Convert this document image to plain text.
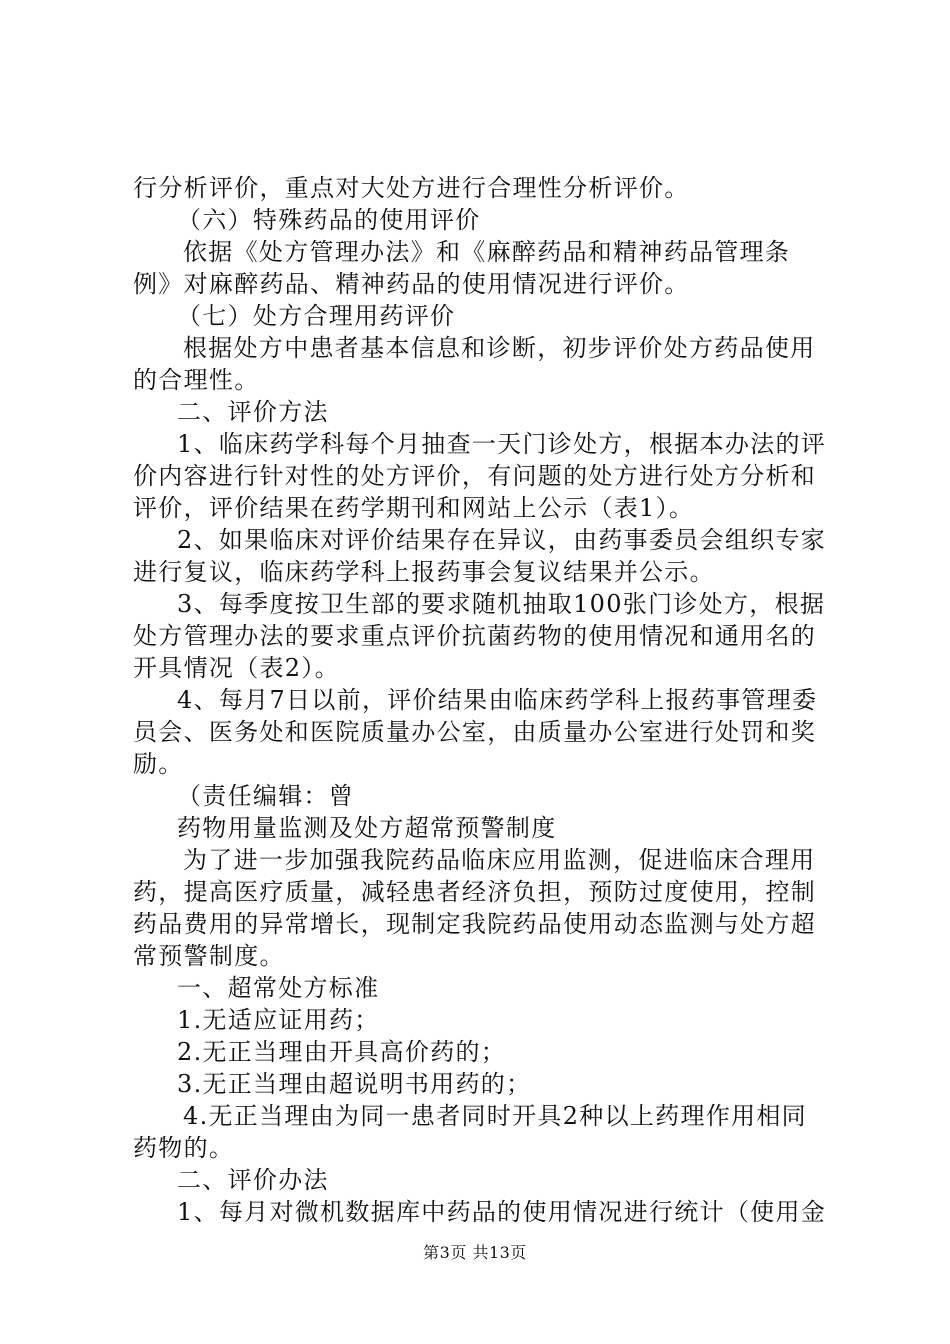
行分析评价，重点对大处方进行合理性分析评价。
（六）特殊药品的使用评价
依据《处方管理办法》和《麻醉药品和精神药品管理条
例》对麻醉药品、精神药品的使用情况进行评价。
（七）处方合理用药评价
根据处方中患者基本信息和诊断，初步评价处方药品使用
的合理性。
二、评价方法
1、临床药学科每个月抽查一天门诊处方，根据本办法的评
价内容进行针对性的处方评价，有问题的处方进行处方分析和
评价，评价结果在药学期刊和网站上公示（表1）。
2、如果临床对评价结果存在异议，由药事委员会组织专家
进行复议，临床药学科上报药事会复议结果并公示。
3、每季度按卫生部的要求随机抽取100张门诊处方，根据
处方管理办法的要求重点评价抗菌药物的使用情况和通用名的
开具情况（表2）。
4、每月7日以前，评价结果由临床药学科上报药事管理委
员会、医务处和医院质量办公室，由质量办公室进行处罚和奖
励。
（责任编辑：曾
药物用量监测及处方超常预警制度
为了进一步加强我院药品临床应用监测，促进临床合理用
药，提高医疗质量，减轻患者经济负担，预防过度使用，控制
药品费用的异常增长，现制定我院药品使用动态监测与处方超
常预警制度。
一、超常处方标准
1.无适应证用药；
2.无正当理由开具高价药的；
3.无正当理由超说明书用药的；
4.无正当理由为同一患者同时开具2种以上药理作用相同
药物的。
二、评价办法
1、每月对微机数据库中药品的使用情况进行统计（使用金
第3页 共13页
